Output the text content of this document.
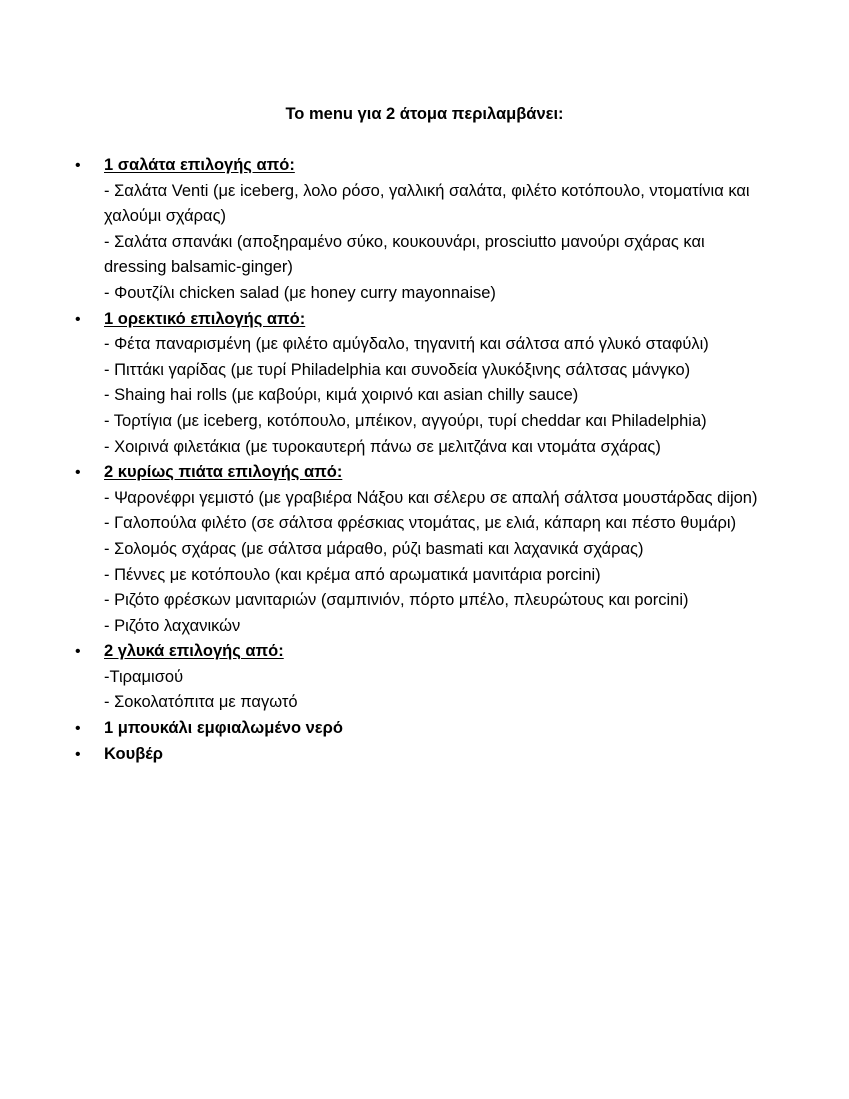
Το menu για 2 άτομα περιλαμβάνει:
• 1 σαλάτα επιλογής από:
- Σαλάτα Venti (με iceberg, λολο ρόσο, γαλλική σαλάτα, φιλέτο κοτόπουλο, ντοματίνια και χαλούμι σχάρας)
- Σαλάτα σπανάκι (αποξηραμένο σύκο, κουκουνάρι, prosciutto μανούρι σχάρας και dressing balsamic-ginger)
- Φουτζίλι chicken salad (με honey curry mayonnaise)
• 1 ορεκτικό επιλογής από:
- Φέτα παναρισμένη (με φιλέτο αμύγδαλο, τηγανιτή και σάλτσα από γλυκό σταφύλι)
- Πιττάκι γαρίδας (με τυρί Philadelphia και συνοδεία γλυκόξινης σάλτσας μάνγκο)
- Shaing hai rolls (με καβούρι, κιμά χοιρινό και asian chilly sauce)
- Τορτίγια (με iceberg, κοτόπουλο, μπέικον, αγγούρι, τυρί cheddar και Philadelphia)
- Χοιρινά φιλετάκια (με τυροκαυτερή πάνω σε μελιτζάνα και ντομάτα σχάρας)
• 2 κυρίως πιάτα επιλογής από:
- Ψαρονέφρι γεμιστό (με γραβιέρα Νάξου και σέλερυ σε απαλή σάλτσα μουστάρδας dijon)
- Γαλοπούλα φιλέτο (σε σάλτσα φρέσκιας ντομάτας, με ελιά, κάπαρη και πέστο θυμάρι)
- Σολομός σχάρας (με σάλτσα μάραθο, ρύζι basmati και λαχανικά σχάρας)
- Πέννες με κοτόπουλο (και κρέμα από αρωματικά μανιτάρια porcini)
- Ριζότο φρέσκων μανιταριών (σαμπινιόν, πόρτο μπέλο, πλευρώτους και porcini)
- Ριζότο λαχανικών
• 2 γλυκά επιλογής από:
-Τιραμισού
- Σοκολατόπιτα με παγωτό
• 1 μπουκάλι εμφιαλωμένο νερό
• Κουβέρ
